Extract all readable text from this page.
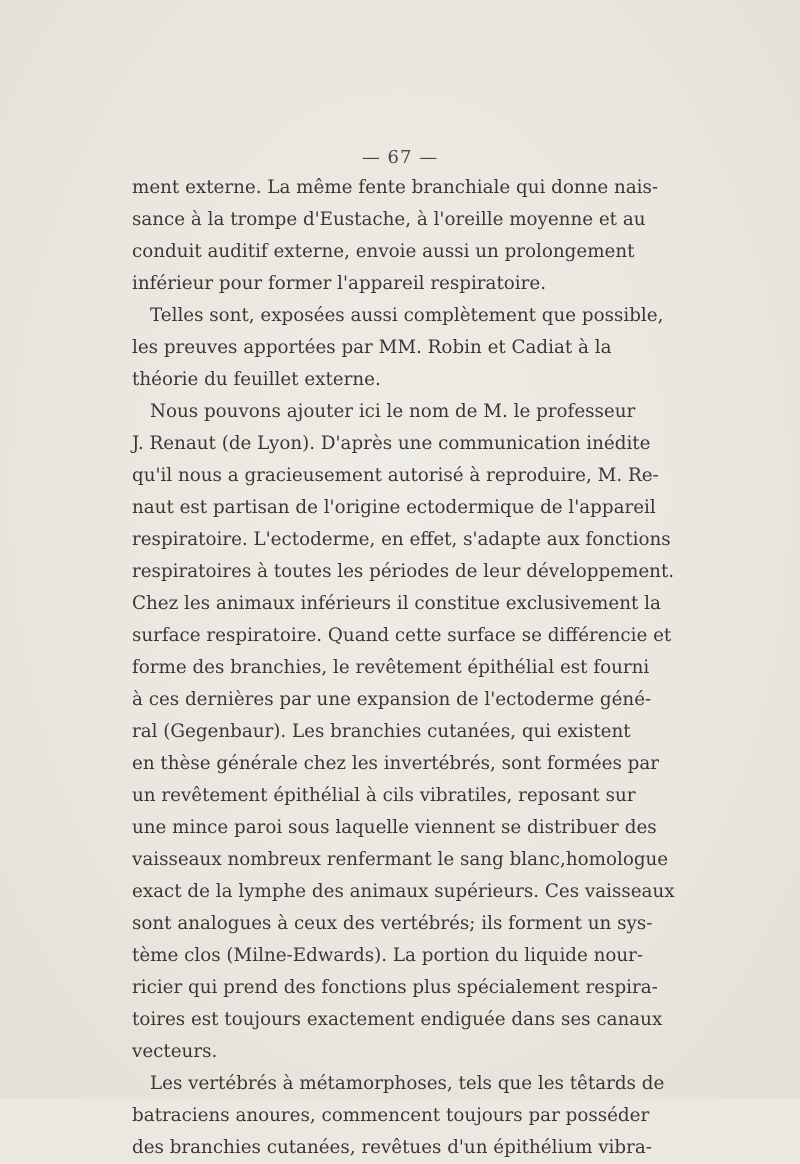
— 67 —
ment externe. La même fente branchiale qui donne nais-
sance à la trompe d'Eustache, à l'oreille moyenne et au
conduit auditif externe, envoie aussi un prolongement
inférieur pour former l'appareil respiratoire.
Telles sont, exposées aussi complètement que possible,
les preuves apportées par MM. Robin et Cadiat à la
théorie du feuillet externe.
Nous pouvons ajouter ici le nom de M. le professeur
J. Renaut (de Lyon). D'après une communication inédite
qu'il nous a gracieusement autorisé à reproduire, M. Re-
naut est partisan de l'origine ectodermique de l'appareil
respiratoire. L'ectoderme, en effet, s'adapte aux fonctions
respiratoires à toutes les périodes de leur développement.
Chez les animaux inférieurs il constitue exclusivement la
surface respiratoire. Quand cette surface se différencie et
forme des branchies, le revêtement épithélial est fourni
à ces dernières par une expansion de l'ectoderme géné-
ral (Gegenbaur). Les branchies cutanées, qui existent
en thèse générale chez les invertébrés, sont formées par
un revêtement épithélial à cils vibratiles, reposant sur
une mince paroi sous laquelle viennent se distribuer des
vaisseaux nombreux renfermant le sang blanc,homologue
exact de la lymphe des animaux supérieurs. Ces vaisseaux
sont analogues à ceux des vertébrés; ils forment un sys-
tème clos (Milne-Edwards). La portion du liquide nour-
ricier qui prend des fonctions plus spécialement respira-
toires est toujours exactement endiguée dans ses canaux
vecteurs.
Les vertébrés à métamorphoses, tels que les têtards de
batraciens anoures, commencent toujours par posséder
des branchies cutanées, revêtues d'un épithélium vibra-
